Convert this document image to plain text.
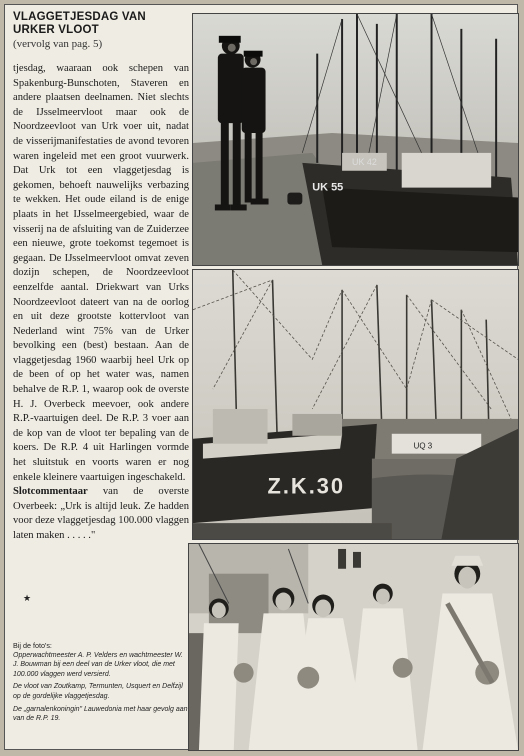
VLAGGETJESDAG VAN URKER VLOOT
(vervolg van pag. 5)

tjesdag, waaraan ook schepen van Spakenburg-Bunschoten, Staveren en andere plaatsen deelnamen. Niet slechts de IJsselmeervloot maar ook de Noordzeevloot van Urk voer uit, nadat de visserijmanifestaties de avond tevoren waren ingeleid met een groot vuurwerk. Dat Urk tot een vlaggetjesdag is gekomen, behoeft nauwelijks verbazing te wekken. Het oude eiland is de enige plaats in het IJsselmeergebied, waar de visserij na de afsluiting van de Zuiderzee een nieuwe, grote toekomst tegemoet is gegaan. De IJsselmeervloot omvat zeven dozijn schepen, de Noordzeevloot eenzelfde aantal. Driekwart van Urks Noordzeevloot dateert van na de oorlog en uit deze grootste kottervloot van Nederland wint 75% van de Urker bevolking een (best) bestaan. Aan de vlaggetjesdag 1960 waarbij heel Urk op de been of op het water was, namen behalve de R.P. 1, waarop ook de overste H. J. Overbeck meevoer, ook andere R.P.-vaartuigen deel. De R.P. 3 voer aan de kop van de vloot ter bepaling van de koers. De R.P. 4 uit Harlingen vormde het sluitstuk en voorts waren er nog enkele kleinere vaartuigen ingeschakeld.

Slotcommentaar van de overste Overbeek: „Urk is altijd leuk. Ze hadden voor deze vlaggetjesdag 100.000 vlaggen laten maken . . . . ."
★
Bij de foto's:

Opperwachtmeester A. P. Velders en wachtmeester W. J. Bouwman bij een deel van de Urker vloot, die met 100.000 vlaggen werd versierd.

De vloot van Zoutkamp, Termunten, Usquert en Delfzijl op de gordelijke vlaggetjesdag.

De „garnalenkoningin" Lauwedonia met haar gevolg aan van de R.P. 19.

UK 42
UK 55
UQ 3
Z.K.30
